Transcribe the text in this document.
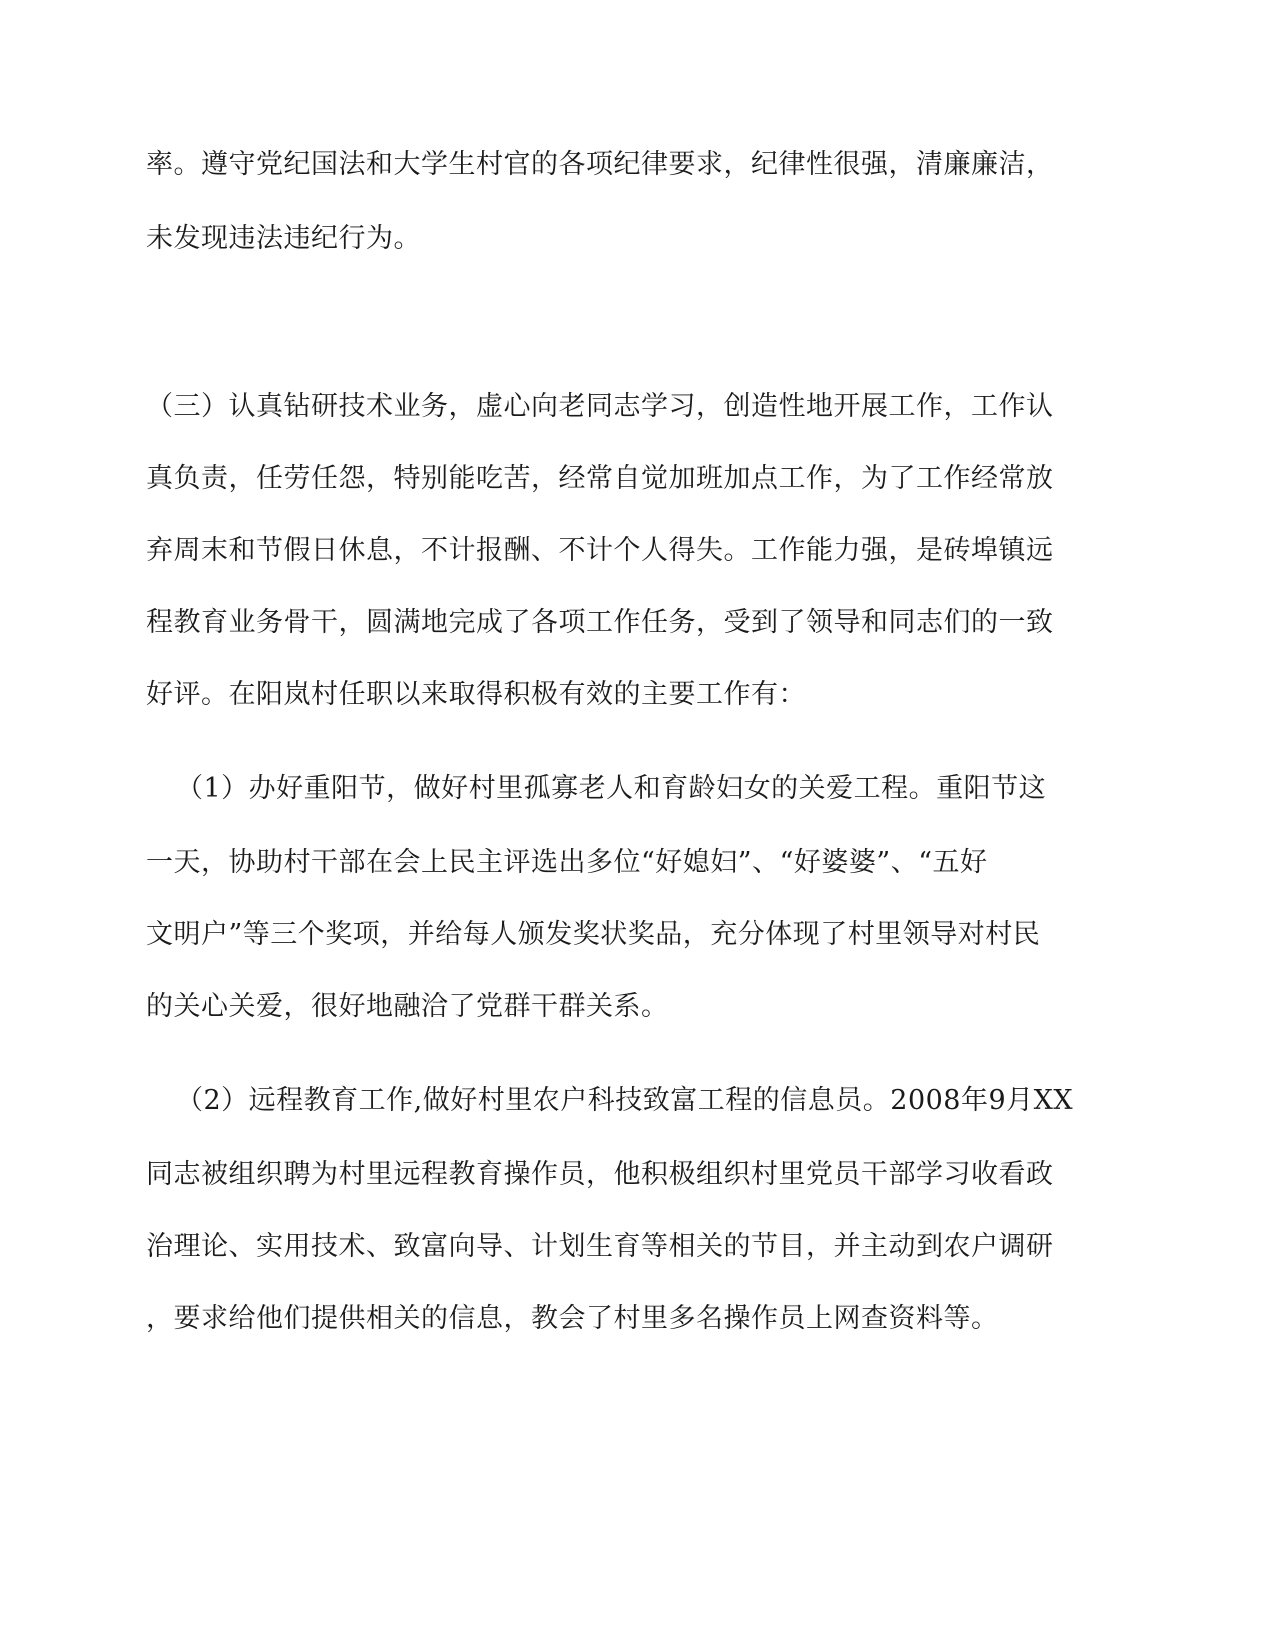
率。遵守党纪国法和大学生村官的各项纪律要求，纪律性很强，清廉廉洁，
未发现违法违纪行为。
（三）认真钻研技术业务，虚心向老同志学习，创造性地开展工作，工作认
真负责，任劳任怨，特别能吃苦，经常自觉加班加点工作，为了工作经常放
弃周末和节假日休息，不计报酬、不计个人得失。工作能力强，是砖埠镇远
程教育业务骨干，圆满地完成了各项工作任务，受到了领导和同志们的一致
好评。在阳岚村任职以来取得积极有效的主要工作有：
（1）办好重阳节，做好村里孤寡老人和育龄妇女的关爱工程。重阳节这
一天，协助村干部在会上民主评选出多位“好媳妇”、“好婆婆”、“五好
文明户”等三个奖项，并给每人颁发奖状奖品，充分体现了村里领导对村民
的关心关爱，很好地融洽了党群干群关系。
（2）远程教育工作,做好村里农户科技致富工程的信息员。2008年9月XX
同志被组织聘为村里远程教育操作员，他积极组织村里党员干部学习收看政
治理论、实用技术、致富向导、计划生育等相关的节目，并主动到农户调研
，要求给他们提供相关的信息，教会了村里多名操作员上网查资料等。
